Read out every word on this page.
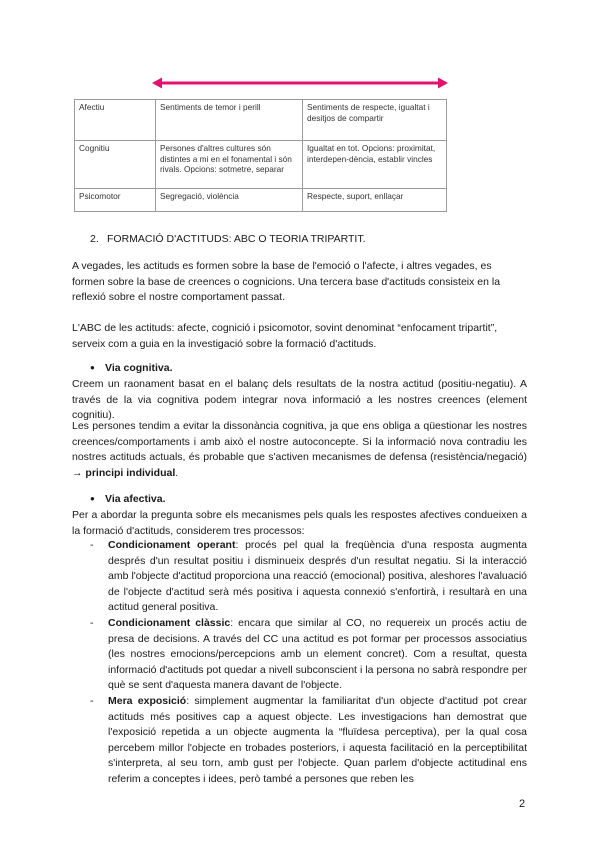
Afectiu	Sentiments de temor i perill	Sentiments de respecte, igualtat i desitjos de compartir
Cognitiu	Persones d'altres cultures són distintes a mi en el fonamental i són rivals. Opcions: sotmetre, separar	Igualtat en tot. Opcions: proximitat, interdepen-dència, establir vincles
Psicomotor	Segregació, violència	Respecte, suport, enllaçar
2. FORMACIÓ D'ACTITUDS: ABC O TEORIA TRIPARTIT.
A vegades, les actituds es formen sobre la base de l'emoció o l'afecte, i altres vegades, es formen sobre la base de creences o cognicions. Una tercera base d'actituds consisteix en la reflexió sobre el nostre comportament passat.
L'ABC de les actituds: afecte, cognició i psicomotor, sovint denominat “enfocament tripartit”, serveix com a guia en la investigació sobre la formació d'actituds.
● Via cognitiva.
Creem un raonament basat en el balanç dels resultats de la nostra actitud (positiu-negatiu). A través de la via cognitiva podem integrar nova informació a les nostres creences (element cognitiu).
Les persones tendim a evitar la dissonància cognitiva, ja que ens obliga a qüestionar les nostres creences/comportaments i amb això el nostre autoconcepte. Si la informació nova contradiu les nostres actituds actuals, és probable que s'activen mecanismes de defensa (resistència/negació) → principi individual.
● Via afectiva.
Per a abordar la pregunta sobre els mecanismes pels quals les respostes afectives condueixen a la formació d'actituds, considerem tres processos:
- Condicionament operant: procés pel qual la freqüència d'una resposta augmenta després d'un resultat positiu i disminueix després d'un resultat negatiu. Si la interacció amb l'objecte d'actitud proporciona una reacció (emocional) positiva, aleshores l'avaluació de l'objecte d'actitud serà més positiva i aquesta connexió s'enfortirà, i resultarà en una actitud general positiva.
- Condicionament clàssic: encara que similar al CO, no requereix un procés actiu de presa de decisions. A través del CC una actitud es pot formar per processos associatius (les nostres emocions/percepcions amb un element concret). Com a resultat, questa informació d'actituds pot quedar a nivell subconscient i la persona no sabrà respondre per què se sent d'aquesta manera davant de l'objecte.
- Mera exposició: simplement augmentar la familiaritat d'un objecte d'actitud pot crear actituds més positives cap a aquest objecte. Les investigacions han demostrat que l'exposició repetida a un objecte augmenta la “fluïdesa perceptiva), per la qual cosa percebem millor l'objecte en trobades posteriors, i aquesta facilitació en la perceptibilitat s'interpreta, al seu torn, amb gust per l'objecte. Quan parlem d'objecte actitudinal ens referim a conceptes i idees, però també a persones que reben les
2
